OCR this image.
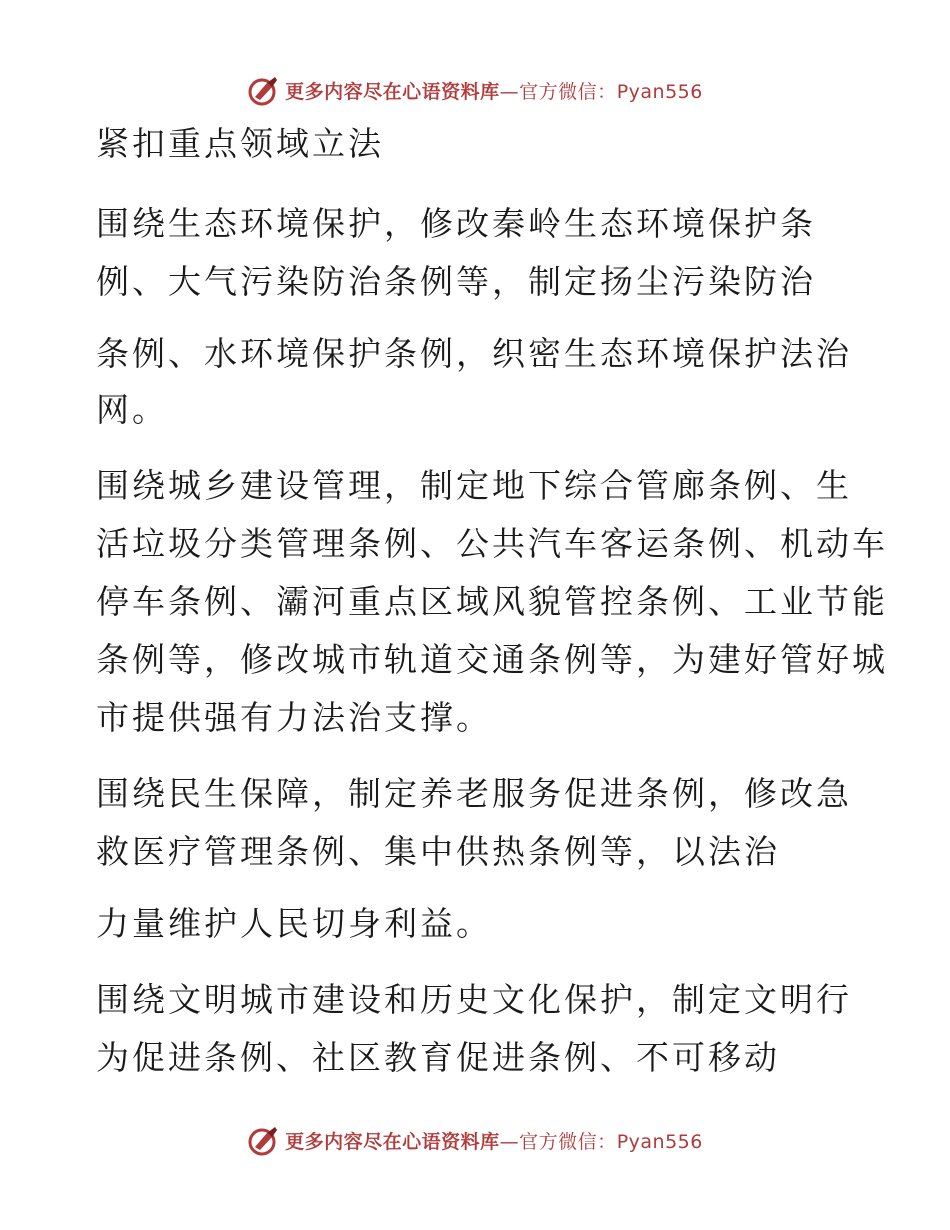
更多内容尽在心语资料库—官方微信：Pyan556
紧扣重点领域立法
围绕生态环境保护，修改秦岭生态环境保护条
例、大气污染防治条例等，制定扬尘污染防治
条例、水环境保护条例，织密生态环境保护法治
网。
围绕城乡建设管理，制定地下综合管廊条例、生
活垃圾分类管理条例、公共汽车客运条例、机动车
停车条例、灞河重点区域风貌管控条例、工业节能
条例等，修改城市轨道交通条例等，为建好管好城
市提供强有力法治支撑。
围绕民生保障，制定养老服务促进条例，修改急
救医疗管理条例、集中供热条例等，以法治
力量维护人民切身利益。
围绕文明城市建设和历史文化保护，制定文明行
为促进条例、社区教育促进条例、不可移动
更多内容尽在心语资料库—官方微信：Pyan556
